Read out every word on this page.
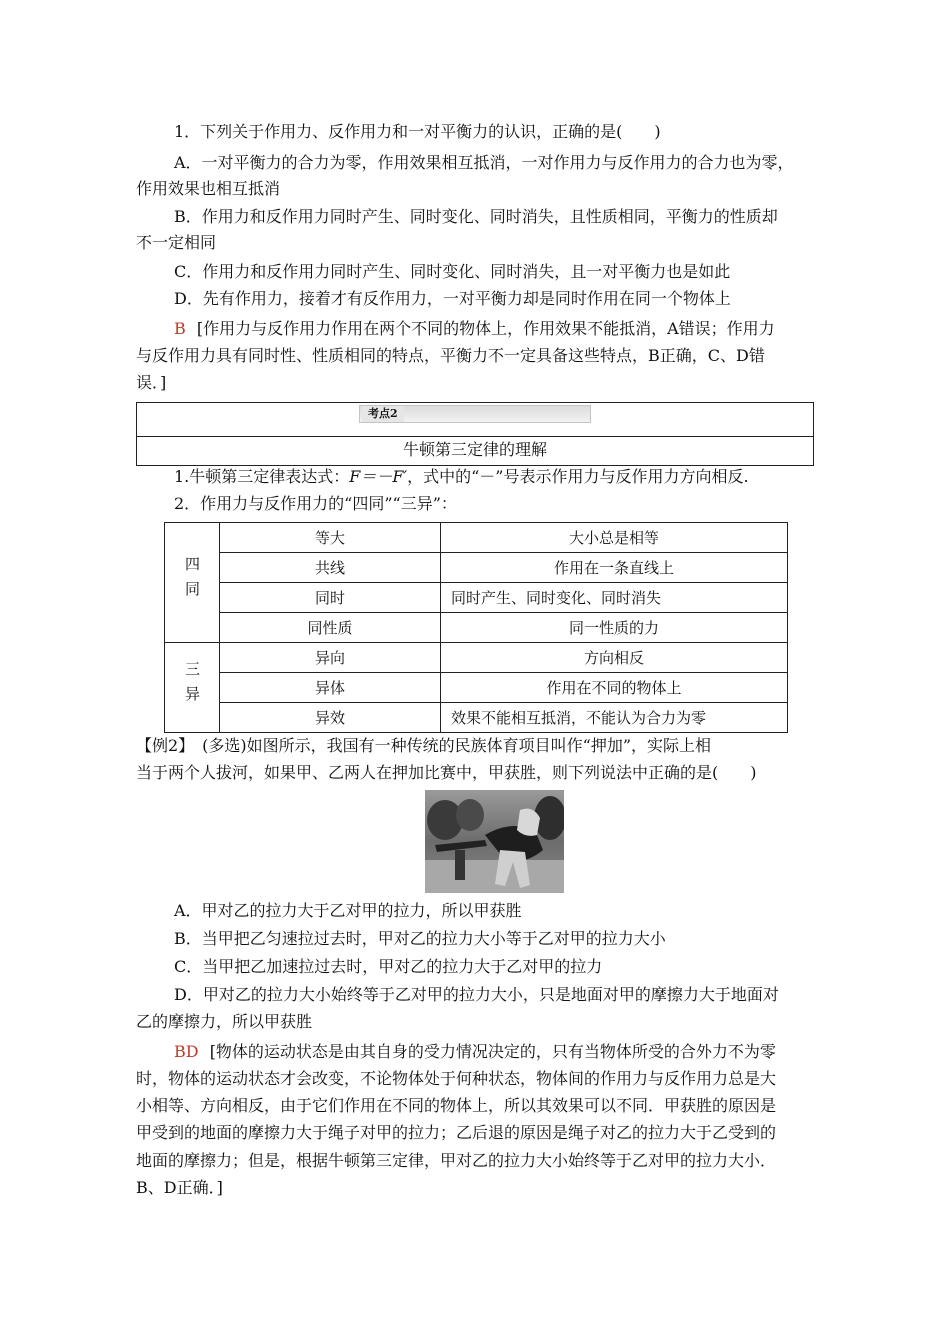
1．下列关于作用力、反作用力和一对平衡力的认识，正确的是(　　)
A．一对平衡力的合力为零，作用效果相互抵消，一对作用力与反作用力的合力也为零，
作用效果也相互抵消
B．作用力和反作用力同时产生、同时变化、同时消失，且性质相同，平衡力的性质却
不一定相同
C．作用力和反作用力同时产生、同时变化、同时消失，且一对平衡力也是如此
D．先有作用力，接着才有反作用力，一对平衡力却是同时作用在同一个物体上
B [作用力与反作用力作用在两个不同的物体上，作用效果不能抵消，A错误；作用力
与反作用力具有同时性、性质相同的特点，平衡力不一定具备这些特点，B正确，C、D错
误．]
考点2
牛顿第三定律的理解
1.牛顿第三定律表达式：F＝－F′，式中的“－”号表示作用力与反作用力方向相反.
2．作用力与反作用力的“四同”“三异”：
四同	等大	大小总是相等
	共线	作用在一条直线上
	同时	同时产生、同时变化、同时消失
	同性质	同一性质的力
三异	异向	方向相反
	异体	作用在不同的物体上
	异效	效果不能相互抵消，不能认为合力为零
【例2】　(多选)如图所示，我国有一种传统的民族体育项目叫作“押加”，实际上相
当于两个人拔河，如果甲、乙两人在押加比赛中，甲获胜，则下列说法中正确的是(　　)
A．甲对乙的拉力大于乙对甲的拉力，所以甲获胜
B．当甲把乙匀速拉过去时，甲对乙的拉力大小等于乙对甲的拉力大小
C．当甲把乙加速拉过去时，甲对乙的拉力大于乙对甲的拉力
D．甲对乙的拉力大小始终等于乙对甲的拉力大小，只是地面对甲的摩擦力大于地面对
乙的摩擦力，所以甲获胜
BD [物体的运动状态是由其自身的受力情况决定的，只有当物体所受的合外力不为零
时，物体的运动状态才会改变，不论物体处于何种状态，物体间的作用力与反作用力总是大
小相等、方向相反，由于它们作用在不同的物体上，所以其效果可以不同．甲获胜的原因是
甲受到的地面的摩擦力大于绳子对甲的拉力；乙后退的原因是绳子对乙的拉力大于乙受到的
地面的摩擦力；但是，根据牛顿第三定律，甲对乙的拉力大小始终等于乙对甲的拉力大小．
B、D正确．]
